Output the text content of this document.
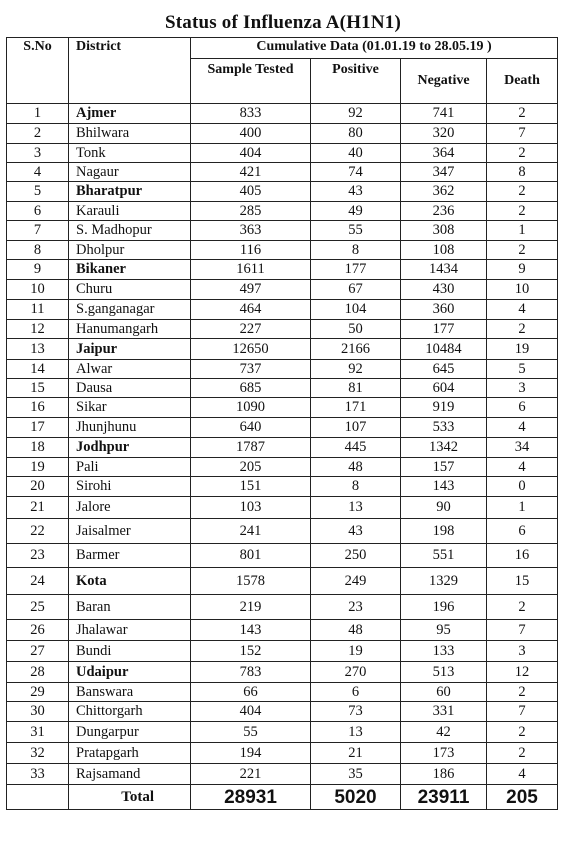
Status of Influenza A(H1N1)
S.No	District	Cumulative Data (01.01.19 to 28.05.19 )			
		Sample Tested	Positive	Negative	Death
1	Ajmer	833	92	741	2
2	Bhilwara	400	80	320	7
3	Tonk	404	40	364	2
4	Nagaur	421	74	347	8
5	Bharatpur	405	43	362	2
6	Karauli	285	49	236	2
7	S. Madhopur	363	55	308	1
8	Dholpur	116	8	108	2
9	Bikaner	1611	177	1434	9
10	Churu	497	67	430	10
11	S.ganganagar	464	104	360	4
12	Hanumangarh	227	50	177	2
13	Jaipur	12650	2166	10484	19
14	Alwar	737	92	645	5
15	Dausa	685	81	604	3
16	Sikar	1090	171	919	6
17	Jhunjhunu	640	107	533	4
18	Jodhpur	1787	445	1342	34
19	Pali	205	48	157	4
20	Sirohi	151	8	143	0
21	Jalore	103	13	90	1
22	Jaisalmer	241	43	198	6
23	Barmer	801	250	551	16
24	Kota	1578	249	1329	15
25	Baran	219	23	196	2
26	Jhalawar	143	48	95	7
27	Bundi	152	19	133	3
28	Udaipur	783	270	513	12
29	Banswara	66	6	60	2
30	Chittorgarh	404	73	331	7
31	Dungarpur	55	13	42	2
32	Pratapgarh	194	21	173	2
33	Rajsamand	221	35	186	4
	Total	28931	5020	23911	205
